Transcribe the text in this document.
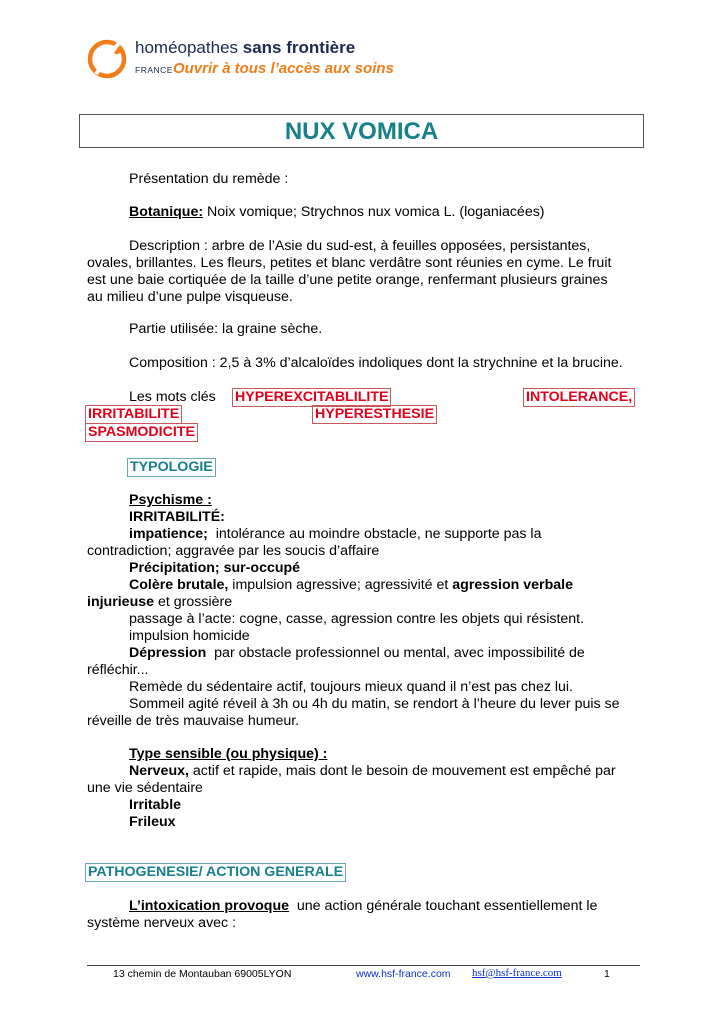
homéopathes sans frontière
FRANCEOuvrir à tous l’accès aux soins
NUX VOMICA
Présentation du remède :
Botanique: Noix vomique; Strychnos nux vomica L. (loganiacées)
Description : arbre de l’Asie du sud-est, à feuilles opposées, persistantes,
ovales, brillantes. Les fleurs, petites et blanc verdâtre sont réunies en cyme. Le fruit
est une baie cortiquée de la taille d’une petite orange, renfermant plusieurs graines
au milieu d’une pulpe visqueuse.
Partie utilisée: la graine sèche.
Composition : 2,5 à 3% d’alcaloïdes indoliques dont la strychnine et la brucine.
Les mots clés HYPEREXCITABLILITE	INTOLERANCE,
IRRITABILITE	HYPERESTHESIE
SPASMODICITE
TYPOLOGIE
Psychisme :
IRRITABILITÉ:
impatience;  intolérance au moindre obstacle, ne supporte pas la
contradiction; aggravée par les soucis d’affaire
Précipitation; sur-occupé
Colère brutale, impulsion agressive; agressivité et agression verbale
injurieuse et grossière
passage à l’acte: cogne, casse, agression contre les objets qui résistent.
impulsion homicide
Dépression  par obstacle professionnel ou mental, avec impossibilité de
réfléchir...
Remède du sédentaire actif, toujours mieux quand il n’est pas chez lui.
Sommeil agité réveil à 3h ou 4h du matin, se rendort à l’heure du lever puis se
réveille de très mauvaise humeur.
Type sensible (ou physique) :
Nerveux, actif et rapide, mais dont le besoin de mouvement est empêché par
une vie sédentaire
Irritable
Frileux
PATHOGENESIE/ ACTION GENERALE
L’intoxication provoque  une action générale touchant essentiellement le
système nerveux avec :
13 chemin de Montauban 69005LYON	www.hsf-france.com hsf@hsf-france.com	1
